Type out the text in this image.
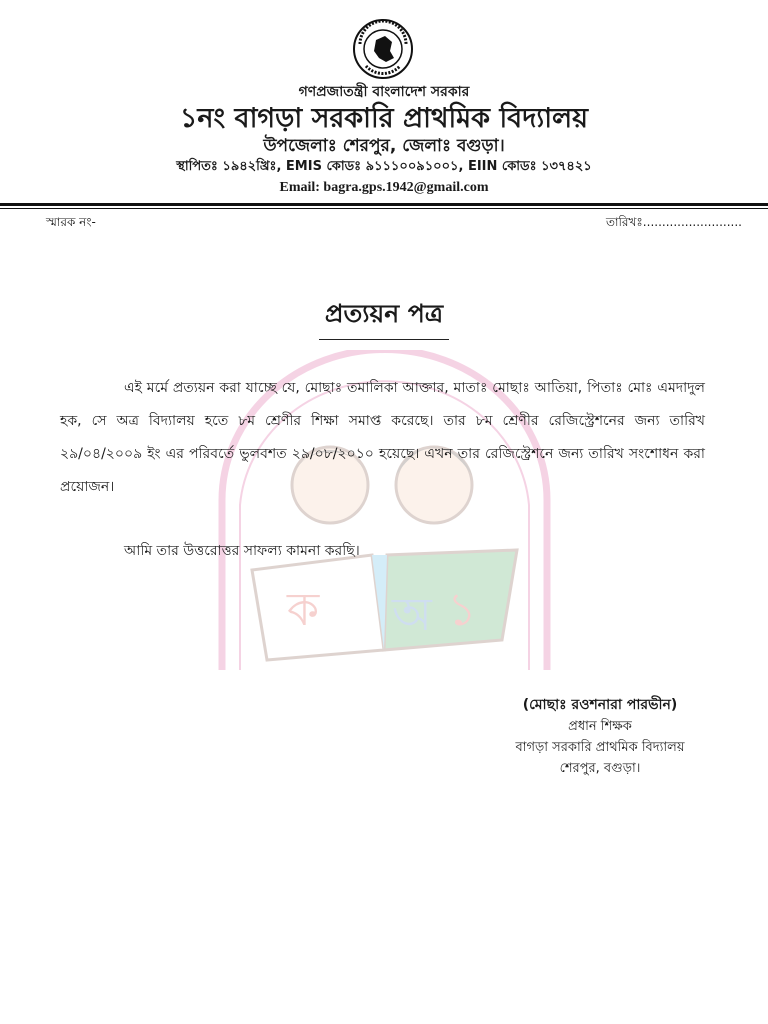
গণপ্রজাতন্ত্রী বাংলাদেশ সরকার
১নং বাগড়া সরকারি প্রাথমিক বিদ্যালয়
উপজেলাঃ শেরপুর, জেলাঃ বগুড়া।
স্থাপিতঃ ১৯৪২খ্রিঃ, EMIS কোডঃ ৯১১১০০৯১০০১, EIIN কোডঃ ১৩৭৪২১
Email: bagra.gps.1942@gmail.com
স্মারক নং-	তারিখঃ..........................
ক অ ১
প্রত্যয়ন পত্র

এই মর্মে প্রত্যয়ন করা যাচ্ছে যে, মোছাঃ তমালিকা আক্তার, মাতাঃ মোছাঃ আতিয়া, পিতাঃ মোঃ এমদাদুল হক, সে অত্র বিদ্যালয় হতে ৮ম শ্রেণীর শিক্ষা সমাপ্ত করেছে। তার ৮ম শ্রেণীর রেজিস্ট্রেশনের জন্য তারিখ ২৯/০৪/২০০৯ ইং এর পরিবর্তে ভুলবশত ২৯/০৮/২০১০ হয়েছে। এখন তার রেজিস্ট্রেশনে জন্য তারিখ সংশোধন করা প্রয়োজন।

আমি তার উত্তরোত্তর সাফল্য কামনা করছি।
(মোছাঃ রওশনারা পারভীন)
প্রধান শিক্ষক
বাগড়া সরকারি প্রাথমিক বিদ্যালয়
শেরপুর, বগুড়া।
